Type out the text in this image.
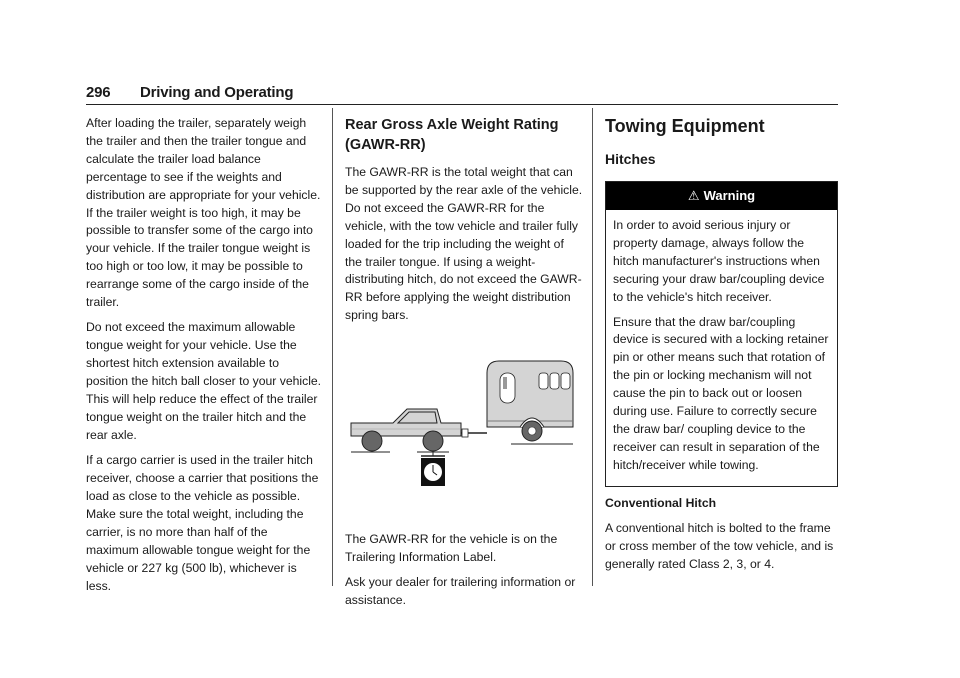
296 Driving and Operating

After loading the trailer, separately weigh the trailer and then the trailer tongue and calculate the trailer load balance percentage to see if the weights and distribution are appropriate for your vehicle. If the trailer weight is too high, it may be possible to transfer some of the cargo into your vehicle. If the trailer tongue weight is too high or too low, it may be possible to rearrange some of the cargo inside of the trailer.

Do not exceed the maximum allowable tongue weight for your vehicle. Use the shortest hitch extension available to position the hitch ball closer to your vehicle. This will help reduce the effect of the trailer tongue weight on the trailer hitch and the rear axle.

If a cargo carrier is used in the trailer hitch receiver, choose a carrier that positions the load as close to the vehicle as possible. Make sure the total weight, including the carrier, is no more than half of the maximum allowable tongue weight for the vehicle or 227 kg (500 lb), whichever is less.

Rear Gross Axle Weight Rating (GAWR-RR)

The GAWR-RR is the total weight that can be supported by the rear axle of the vehicle. Do not exceed the GAWR-RR for the vehicle, with the tow vehicle and trailer fully loaded for the trip including the weight of the trailer tongue. If using a weight-distributing hitch, do not exceed the GAWR-RR before applying the weight distribution spring bars.

The GAWR-RR for the vehicle is on the Trailering Information Label.

Ask your dealer for trailering information or assistance.

Towing Equipment
Hitches
⚠ Warning

In order to avoid serious injury or property damage, always follow the hitch manufacturer's instructions when securing your draw bar/coupling device to the vehicle's hitch receiver.

Ensure that the draw bar/coupling device is secured with a locking retainer pin or other means such that rotation of the pin or locking mechanism will not cause the pin to back out or loosen during use. Failure to correctly secure the draw bar/ coupling device to the receiver can result in separation of the hitch/receiver while towing.

Conventional Hitch

A conventional hitch is bolted to the frame or cross member of the tow vehicle, and is generally rated Class 2, 3, or 4.
